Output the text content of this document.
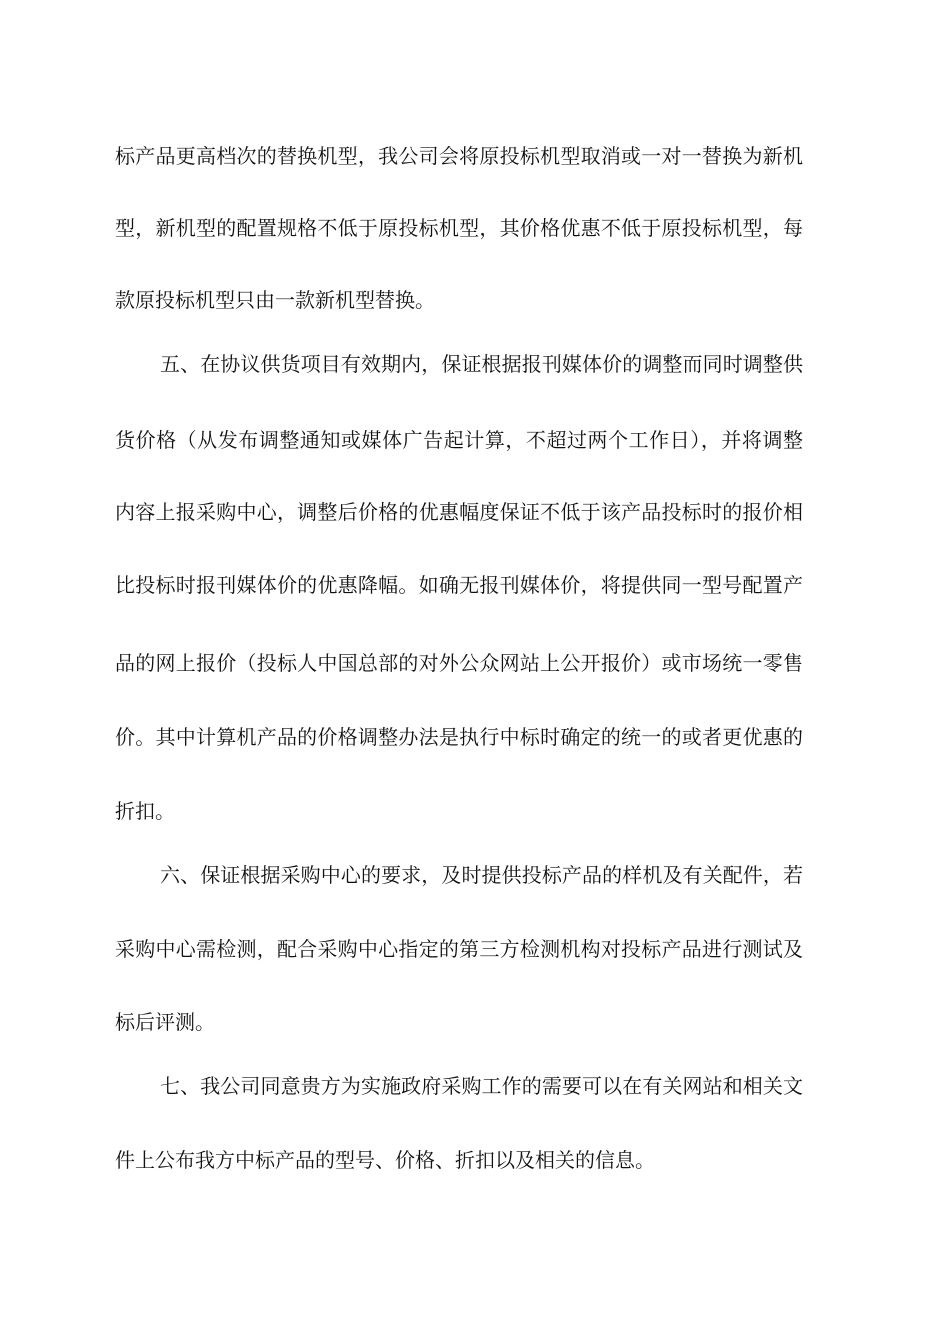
标产品更高档次的替换机型，我公司会将原投标机型取消或一对一替换为新机
型，新机型的配置规格不低于原投标机型，其价格优惠不低于原投标机型，每
款原投标机型只由一款新机型替换。
五、在协议供货项目有效期内，保证根据报刊媒体价的调整而同时调整供
货价格（从发布调整通知或媒体广告起计算，不超过两个工作日），并将调整
内容上报采购中心，调整后价格的优惠幅度保证不低于该产品投标时的报价相
比投标时报刊媒体价的优惠降幅。如确无报刊媒体价，将提供同一型号配置产
品的网上报价（投标人中国总部的对外公众网站上公开报价）或市场统一零售
价。其中计算机产品的价格调整办法是执行中标时确定的统一的或者更优惠的
折扣。
六、保证根据采购中心的要求，及时提供投标产品的样机及有关配件，若
采购中心需检测，配合采购中心指定的第三方检测机构对投标产品进行测试及
标后评测。
七、我公司同意贵方为实施政府采购工作的需要可以在有关网站和相关文
件上公布我方中标产品的型号、价格、折扣以及相关的信息。
